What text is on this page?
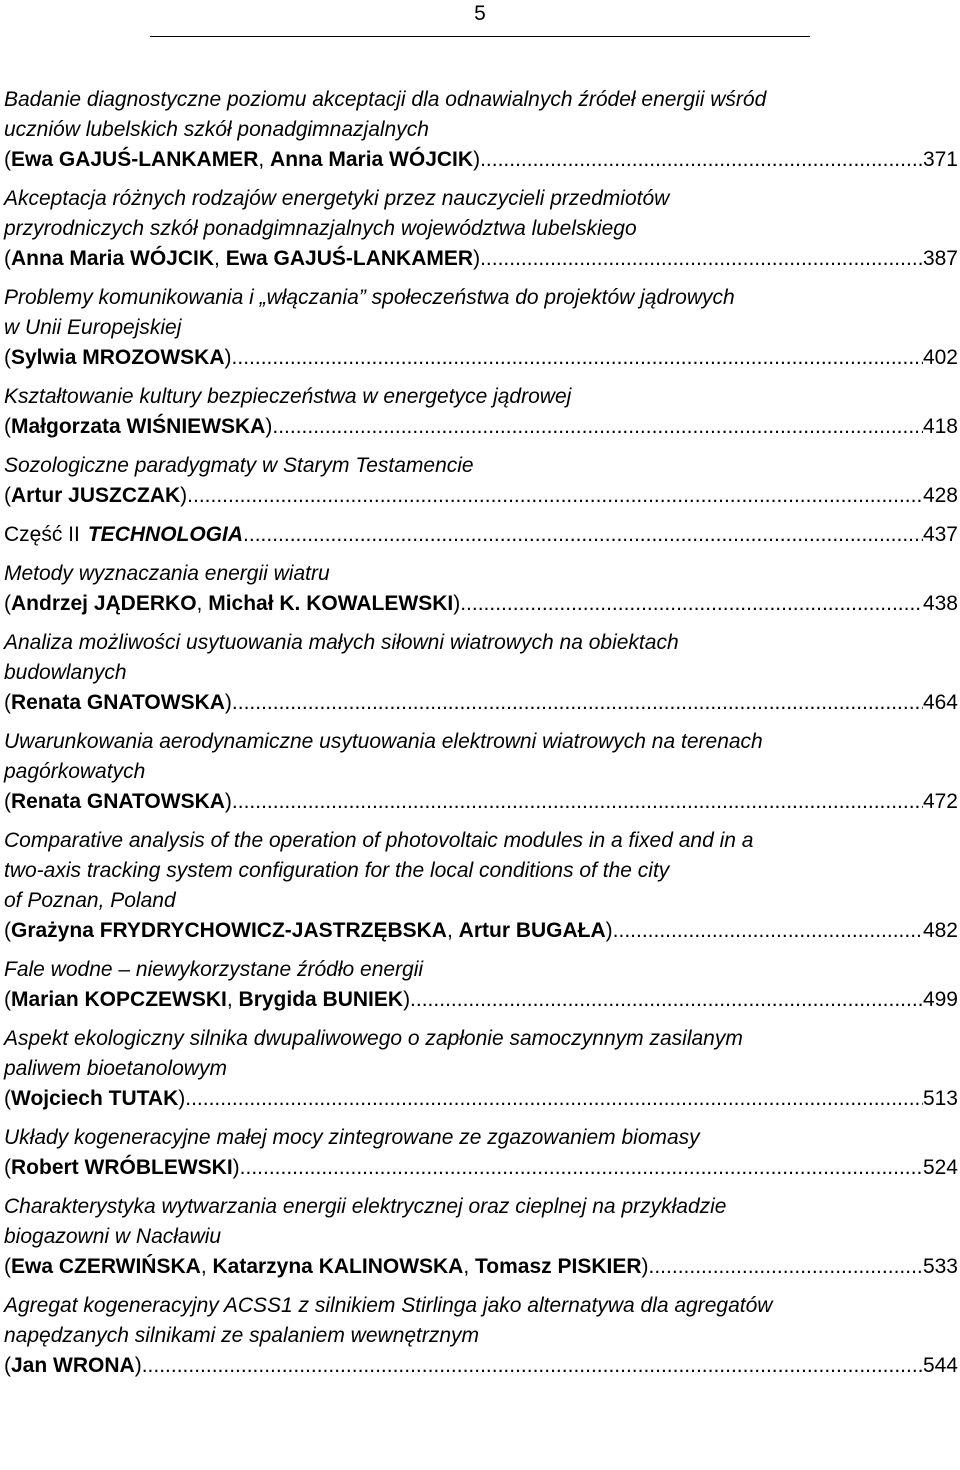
5
Badanie diagnostyczne poziomu akceptacji dla odnawialnych źródeł energii wśród
uczniów lubelskich szkół ponadgimnazjalnych
(Ewa GAJUŚ-LANKAMER, Anna Maria WÓJCIK) .....	371
Akceptacja różnych rodzajów energetyki przez nauczycieli przedmiotów
przyrodniczych szkół ponadgimnazjalnych województwa lubelskiego
(Anna Maria WÓJCIK, Ewa GAJUŚ-LANKAMER) .....	387
Problemy komunikowania i „włączania” społeczeństwa do projektów jądrowych
w Unii Europejskiej
(Sylwia MROZOWSKA) .....	402
Kształtowanie kultury bezpieczeństwa w energetyce jądrowej
(Małgorzata WIŚNIEWSKA) .....	418
Sozologiczne paradygmaty w Starym Testamencie
(Artur JUSZCZAK) .....	428
Część II TECHNOLOGIA .....	437
Metody wyznaczania energii wiatru
(Andrzej JĄDERKO, Michał K. KOWALEWSKI) .....	438
Analiza możliwości usytuowania małych siłowni wiatrowych na obiektach
budowlanych
(Renata GNATOWSKA) .....	464
Uwarunkowania aerodynamiczne usytuowania elektrowni wiatrowych na terenach
pagórkowatych
(Renata GNATOWSKA) .....	472
Comparative analysis of the operation of photovoltaic modules in a fixed and in a
two-axis tracking system configuration for the local conditions of the city
of Poznan, Poland
(Grażyna FRYDRYCHOWICZ-JASTRZĘBSKA, Artur BUGAŁA) .....	482
Fale wodne – niewykorzystane źródło energii
(Marian KOPCZEWSKI, Brygida BUNIEK). .....	499
Aspekt ekologiczny silnika dwupaliwowego o zapłonie samoczynnym zasilanym
paliwem bioetanolowym
(Wojciech TUTAK) .....	513
Układy kogeneracyjne małej mocy zintegrowane ze zgazowaniem biomasy
(Robert WRÓBLEWSKI) .....	524
Charakterystyka wytwarzania energii elektrycznej oraz cieplnej na przykładzie
biogazowni w Nacławiu
(Ewa CZERWIŃSKA, Katarzyna KALINOWSKA, Tomasz PISKIER) .....	533
Agregat kogeneracyjny ACSS1 z silnikiem Stirlinga jako alternatywa dla agregatów
napędzanych silnikami ze spalaniem wewnętrznym
(Jan WRONA) .....	544
